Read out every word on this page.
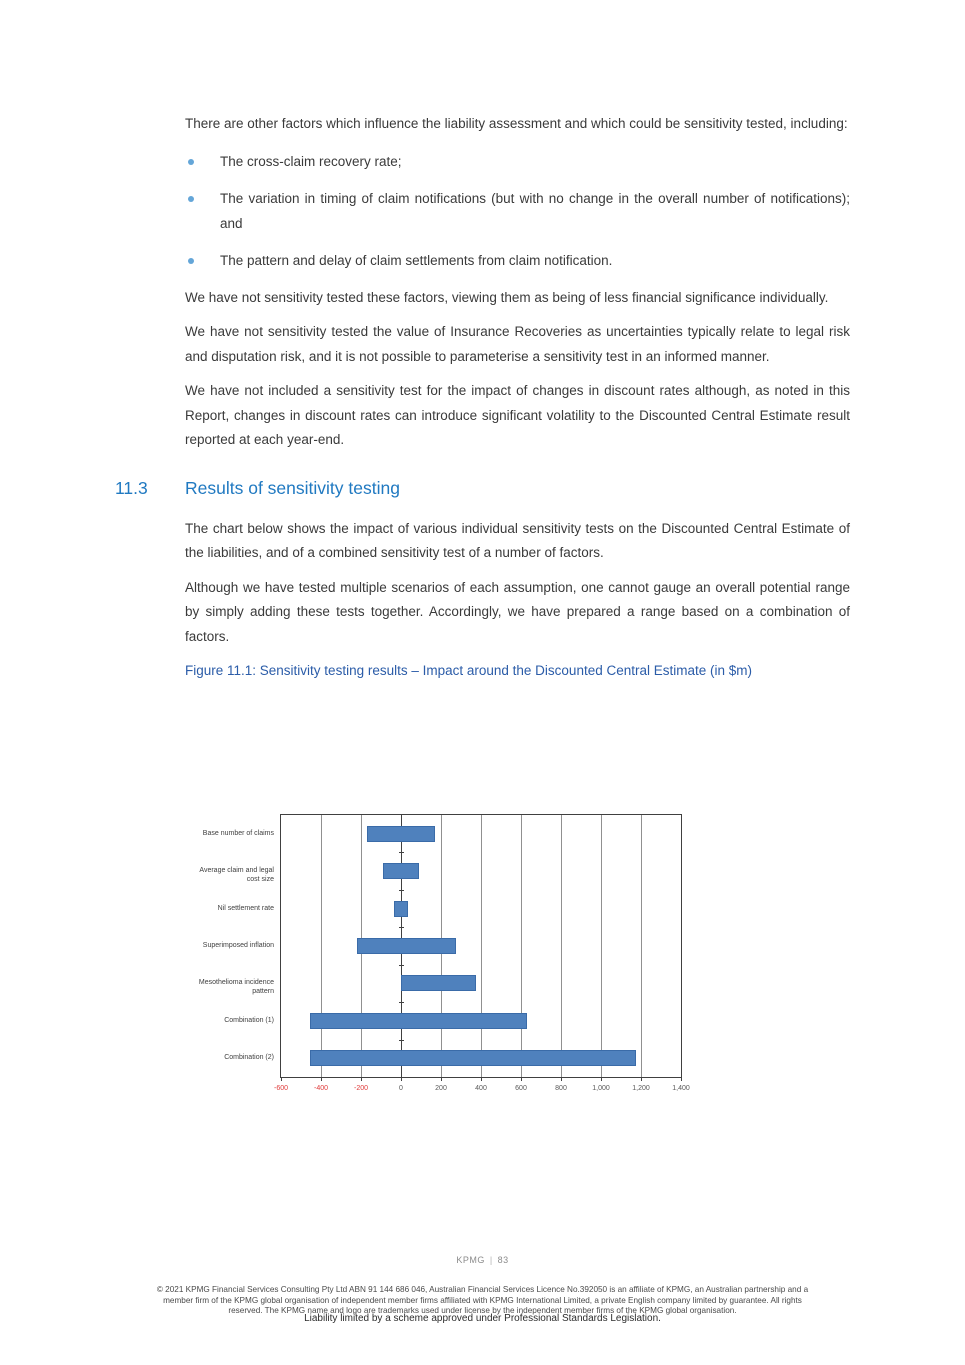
There are other factors which influence the liability assessment and which could be sensitivity tested, including:

The cross-claim recovery rate;
The variation in timing of claim notifications (but with no change in the overall number of notifications); and
The pattern and delay of claim settlements from claim notification.

We have not sensitivity tested these factors, viewing them as being of less financial significance individually.

We have not sensitivity tested the value of Insurance Recoveries as uncertainties typically relate to legal risk and disputation risk, and it is not possible to parameterise a sensitivity test in an informed manner.

We have not included a sensitivity test for the impact of changes in discount rates although, as noted in this Report, changes in discount rates can introduce significant volatility to the Discounted Central Estimate result reported at each year-end.

11.3	Results of sensitivity testing

The chart below shows the impact of various individual sensitivity tests on the Discounted Central Estimate of the liabilities, and of a combined sensitivity test of a number of factors.

Although we have tested multiple scenarios of each assumption, one cannot gauge an overall potential range by simply adding these tests together. Accordingly, we have prepared a range based on a combination of factors.

Figure 11.1: Sensitivity testing results – Impact around the Discounted Central Estimate (in $m)
-600	-400	-200	0	200	400	600	800	1,000	1,200	1,400
Base number of claims
Average claim and legal cost size
Nil settlement rate
Superimposed inflation
Mesothelioma incidence pattern
Combination (1)
Combination (2)
KPMG | 83
© 2021 KPMG Financial Services Consulting Pty Ltd ABN 91 144 686 046, Australian Financial Services Licence No.392050 is an affiliate of KPMG, an Australian partnership and a
member firm of the KPMG global organisation of independent member firms affiliated with KPMG International Limited, a private English company limited by guarantee. All rights
reserved. The KPMG name and logo are trademarks used under license by the independent member firms of the KPMG global organisation.
Liability limited by a scheme approved under Professional Standards Legislation.
